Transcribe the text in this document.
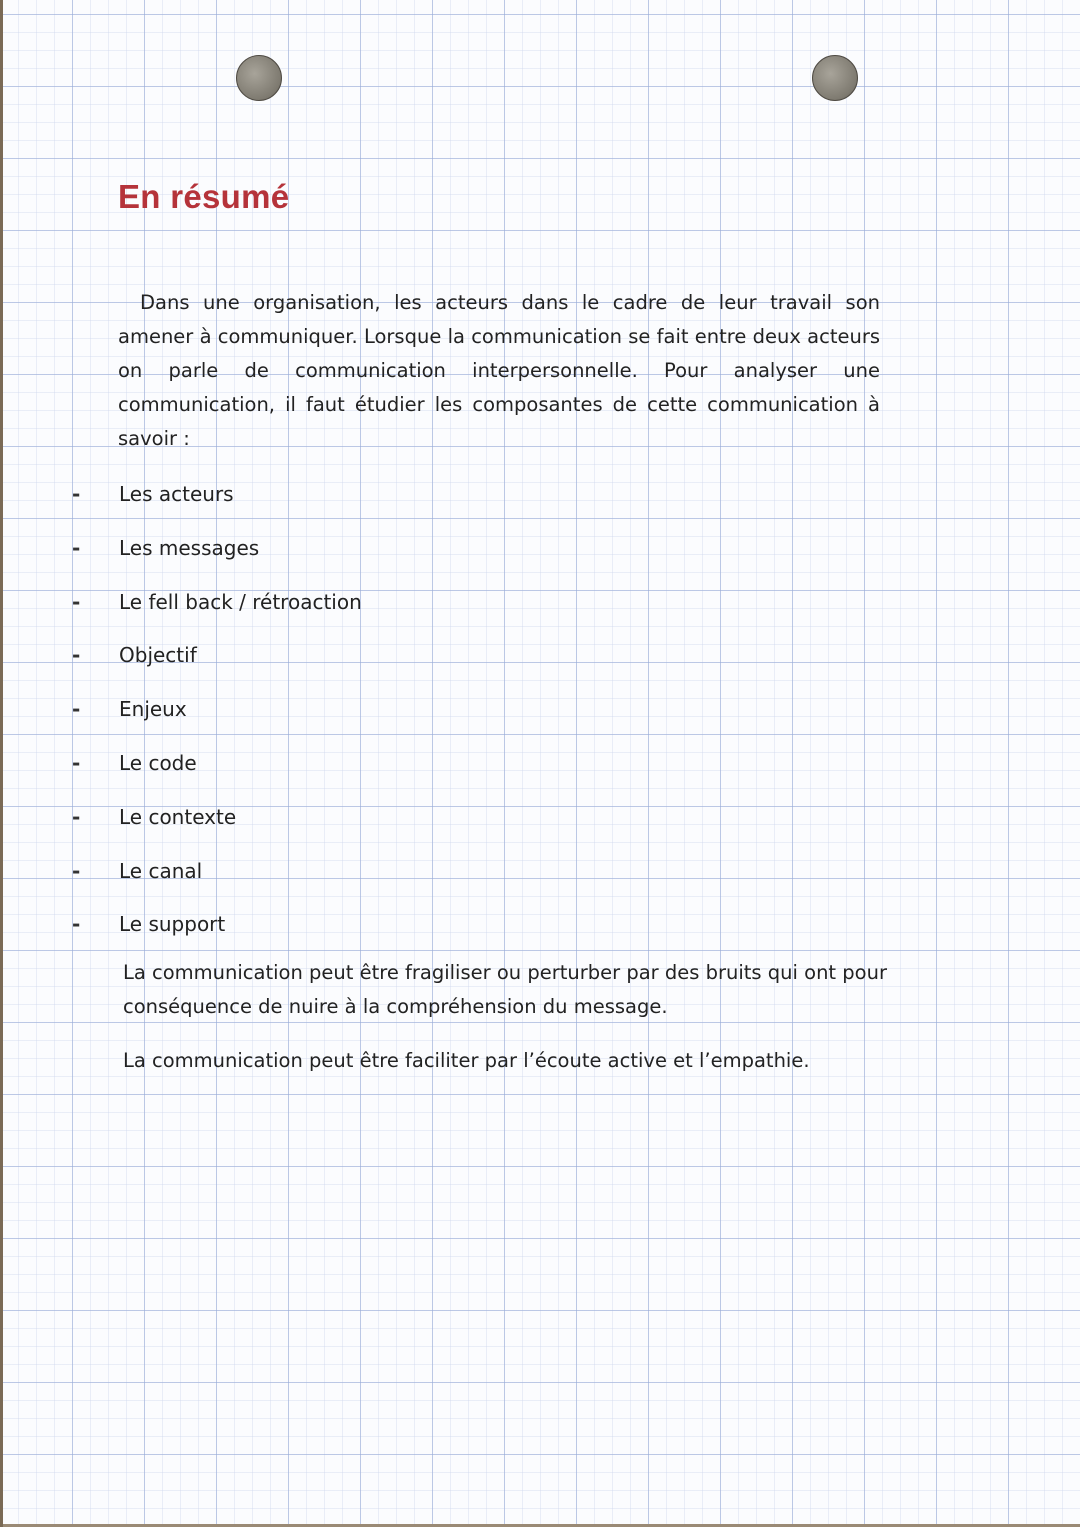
En résumé

Dans une organisation, les acteurs dans le cadre de leur travail son amener à communiquer. Lorsque la communication se fait entre deux acteurs on parle de communication interpersonnelle. Pour analyser une communication, il faut étudier les composantes de cette communication à savoir :

- Les acteurs
- Les messages
- Le fell back / rétroaction
- Objectif
- Enjeux
- Le code
- Le contexte
- Le canal
- Le support

La communication peut être fragiliser ou perturber par des bruits qui ont pour conséquence de nuire à la compréhension du message.

La communication peut être faciliter par l’écoute active et l’empathie.
